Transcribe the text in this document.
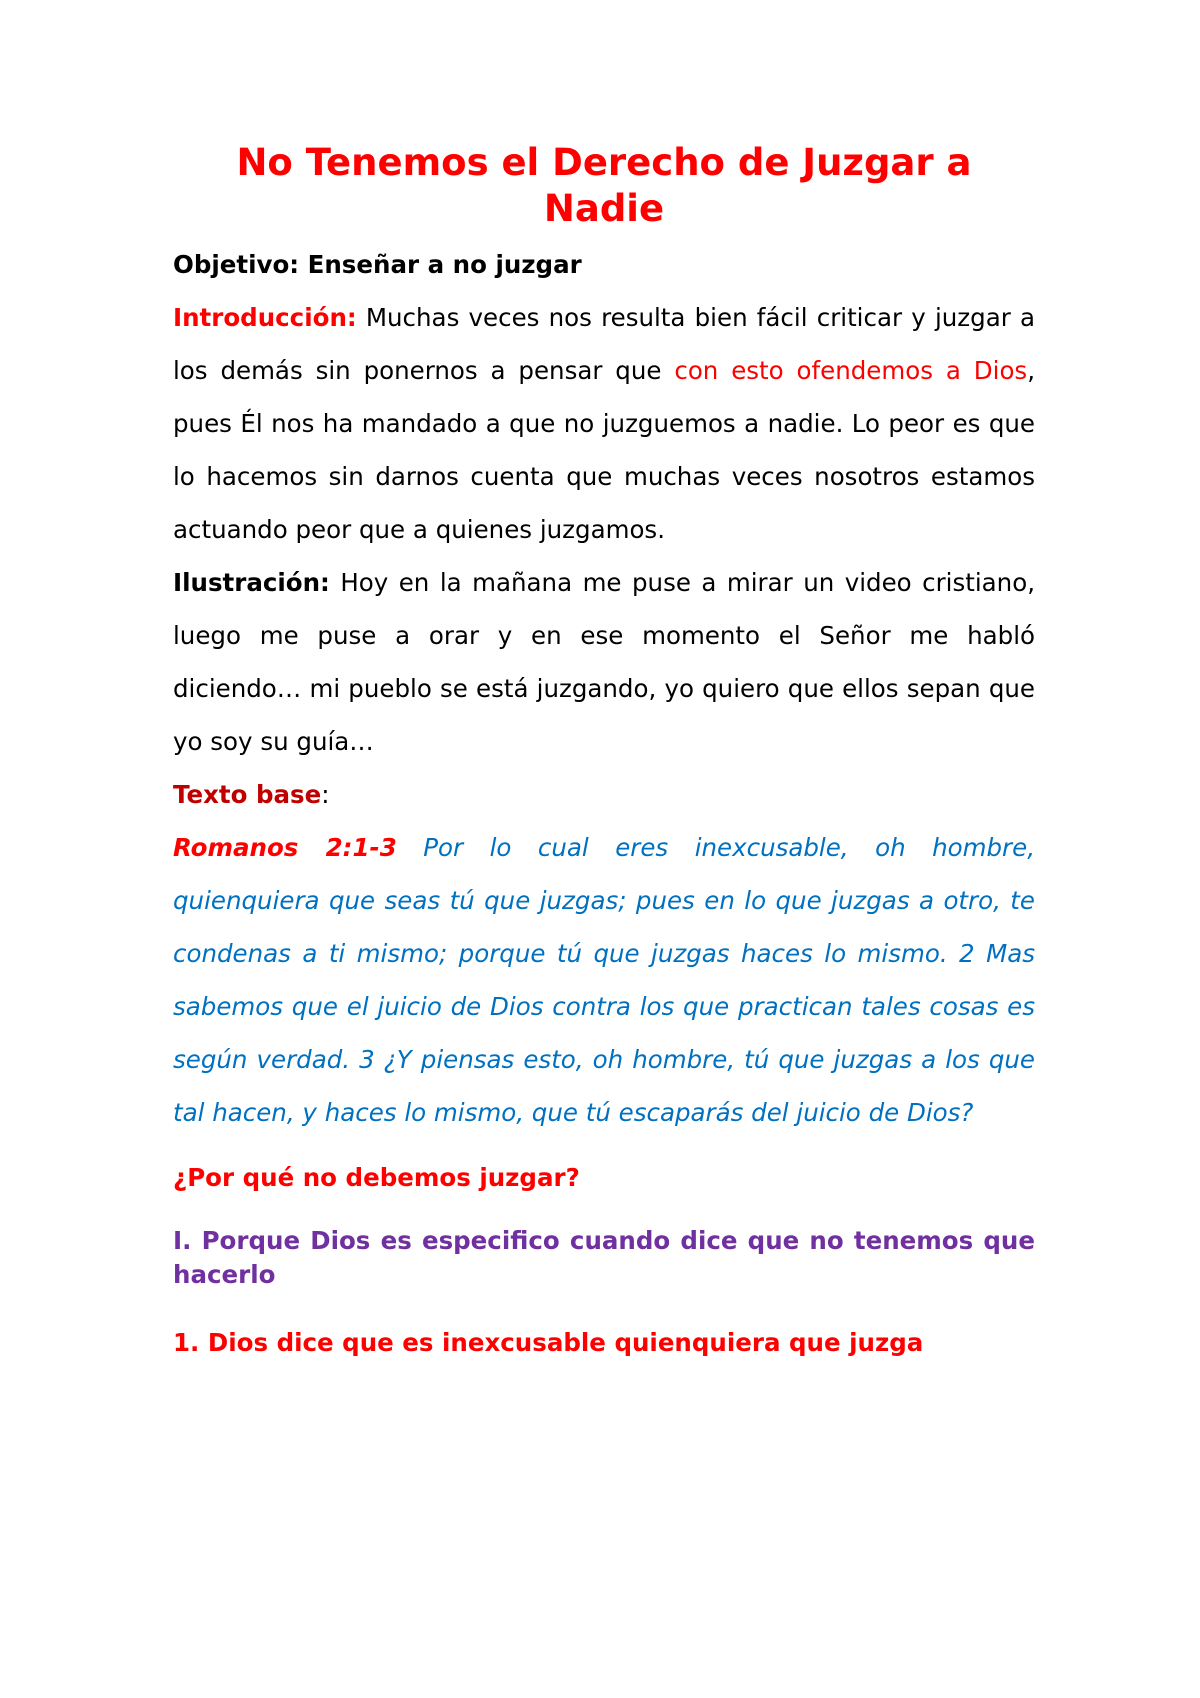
No Tenemos el Derecho de Juzgar a Nadie

Objetivo: Enseñar a no juzgar

Introducción: Muchas veces nos resulta bien fácil criticar y juzgar a los demás sin ponernos a pensar que con esto ofendemos a Dios, pues Él nos ha mandado a que no juzguemos a nadie. Lo peor es que lo hacemos sin darnos cuenta que muchas veces nosotros estamos actuando peor que a quienes juzgamos.

Ilustración: Hoy en la mañana me puse a mirar un video cristiano, luego me puse a orar y en ese momento el Señor me habló diciendo… mi pueblo se está juzgando, yo quiero que ellos sepan que yo soy su guía…

Texto base:

Romanos 2:1-3 Por lo cual eres inexcusable, oh hombre, quienquiera que seas tú que juzgas; pues en lo que juzgas a otro, te condenas a ti mismo; porque tú que juzgas haces lo mismo. 2 Mas sabemos que el juicio de Dios contra los que practican tales cosas es según verdad. 3 ¿Y piensas esto, oh hombre, tú que juzgas a los que tal hacen, y haces lo mismo, que tú escaparás del juicio de Dios?

¿Por qué no debemos juzgar?

I. Porque Dios es especifico cuando dice que no tenemos que hacerlo

1. Dios dice que es inexcusable quienquiera que juzga
